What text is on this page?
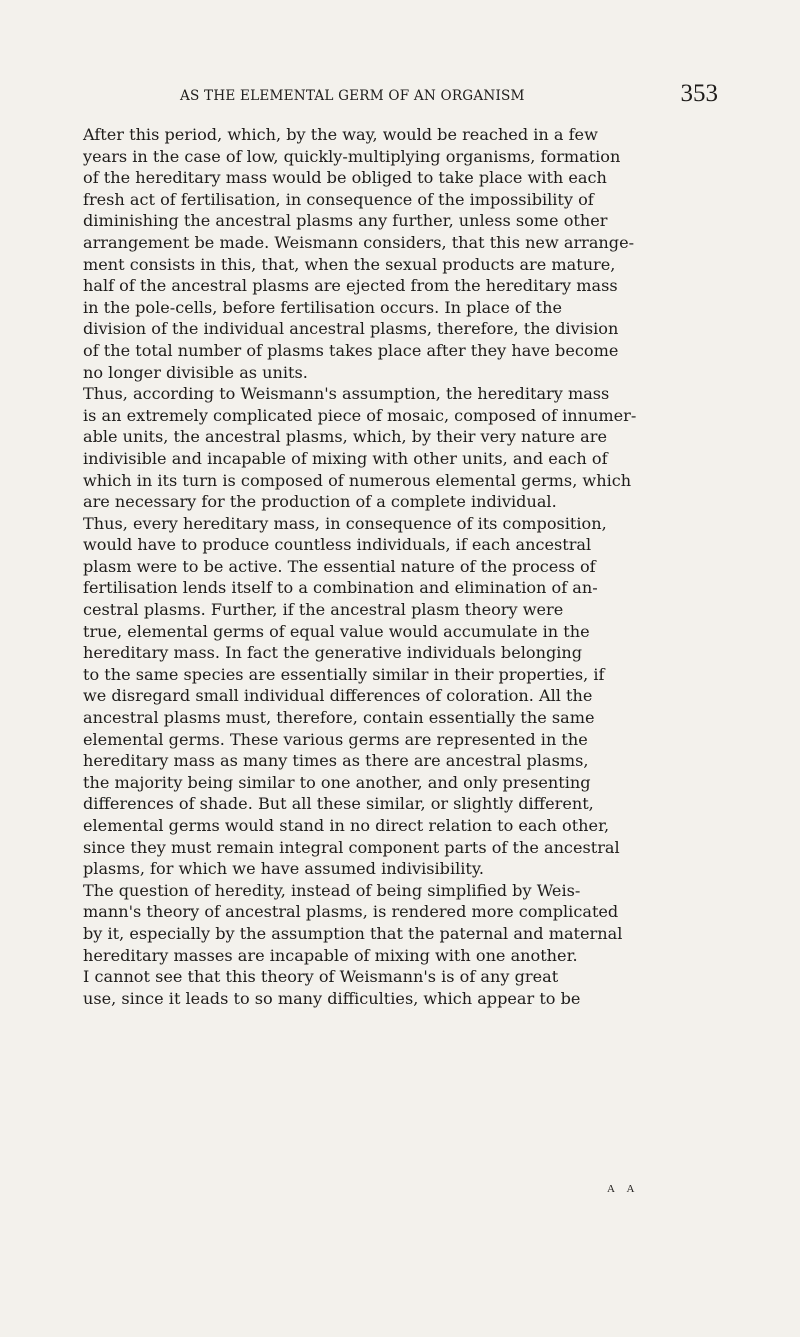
AS THE ELEMENTAL GERM OF AN ORGANISM	353
After this period, which, by the way, would be reached in a few
years in the case of low, quickly-multiplying organisms, formation
of the hereditary mass would be obliged to take place with each
fresh act of fertilisation, in consequence of the impossibility of
diminishing the ancestral plasms any further, unless some other
arrangement be made. Weismann considers, that this new arrange-
ment consists in this, that, when the sexual products are mature,
half of the ancestral plasms are ejected from the hereditary mass
in the pole-cells, before fertilisation occurs. In place of the
division of the individual ancestral plasms, therefore, the division
of the total number of plasms takes place after they have become
no longer divisible as units.
Thus, according to Weismann's assumption, the hereditary mass
is an extremely complicated piece of mosaic, composed of innumer-
able units, the ancestral plasms, which, by their very nature are
indivisible and incapable of mixing with other units, and each of
which in its turn is composed of numerous elemental germs, which
are necessary for the production of a complete individual.
Thus, every hereditary mass, in consequence of its composition,
would have to produce countless individuals, if each ancestral
plasm were to be active. The essential nature of the process of
fertilisation lends itself to a combination and elimination of an-
cestral plasms. Further, if the ancestral plasm theory were
true, elemental germs of equal value would accumulate in the
hereditary mass. In fact the generative individuals belonging
to the same species are essentially similar in their properties, if
we disregard small individual differences of coloration. All the
ancestral plasms must, therefore, contain essentially the same
elemental germs. These various germs are represented in the
hereditary mass as many times as there are ancestral plasms,
the majority being similar to one another, and only presenting
differences of shade. But all these similar, or slightly different,
elemental germs would stand in no direct relation to each other,
since they must remain integral component parts of the ancestral
plasms, for which we have assumed indivisibility.
The question of heredity, instead of being simplified by Weis-
mann's theory of ancestral plasms, is rendered more complicated
by it, especially by the assumption that the paternal and maternal
hereditary masses are incapable of mixing with one another.
I cannot see that this theory of Weismann's is of any great
use, since it leads to so many difficulties, which appear to be
A A
